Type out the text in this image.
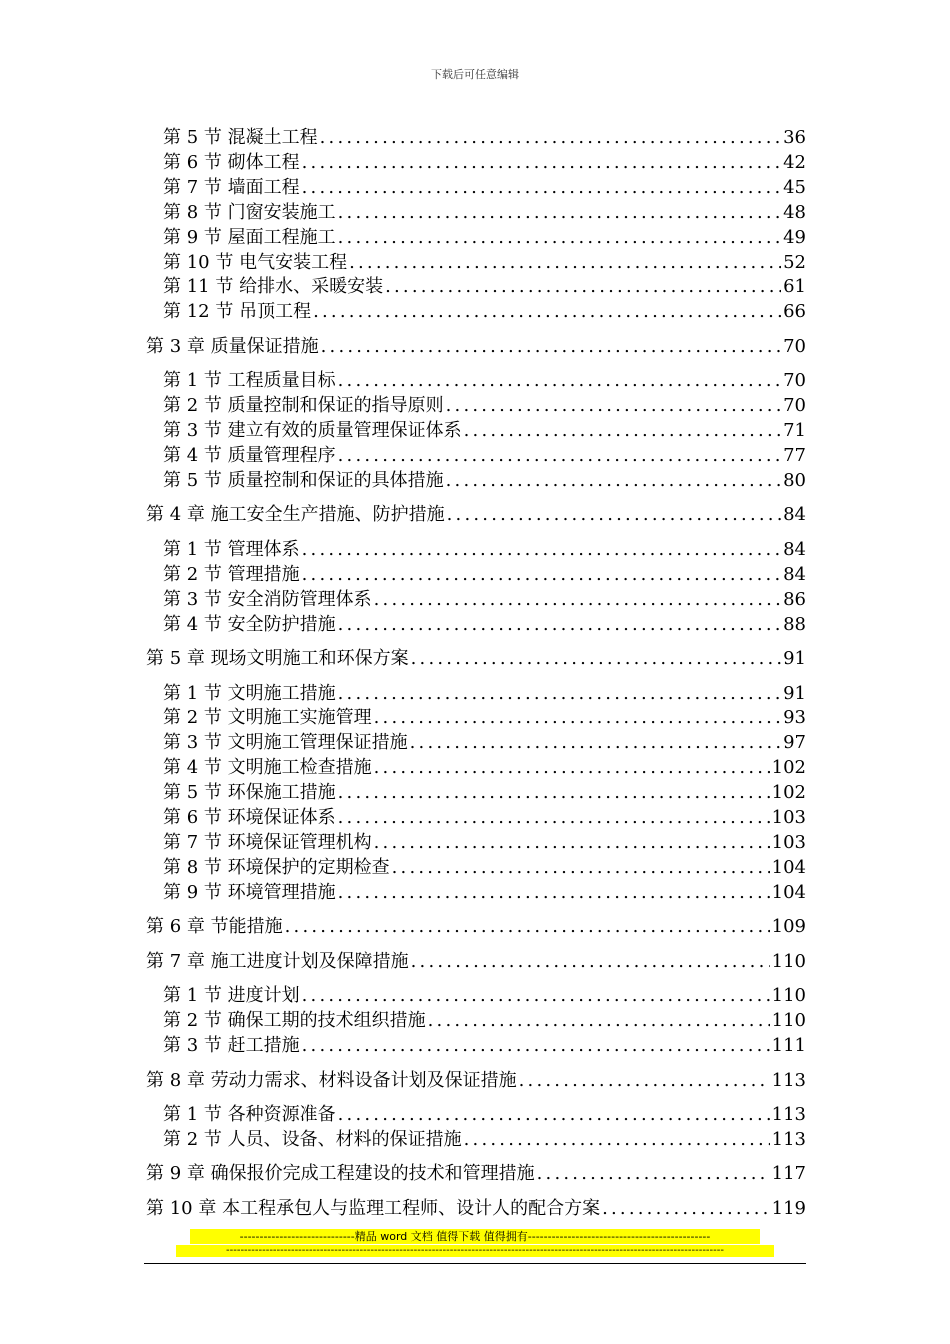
下载后可任意编辑
第 5 节 混凝土工程 .....	36
第 6 节 砌体工程 .....	42
第 7 节 墙面工程 .....	45
第 8 节 门窗安装施工 .....	48
第 9 节 屋面工程施工 .....	49
第 10 节 电气安装工程 .....	52
第 11 节 给排水、采暖安装 .....	61
第 12 节 吊顶工程 .....	66
第 3 章 质量保证措施 .....	70
第 1 节 工程质量目标 .....	70
第 2 节 质量控制和保证的指导原则 .....	70
第 3 节 建立有效的质量管理保证体系 .....	71
第 4 节 质量管理程序 .....	77
第 5 节 质量控制和保证的具体措施 .....	80
第 4 章 施工安全生产措施、防护措施 .....	84
第 1 节 管理体系 .....	84
第 2 节 管理措施 .....	84
第 3 节 安全消防管理体系 .....	86
第 4 节 安全防护措施 .....	88
第 5 章 现场文明施工和环保方案 .....	91
第 1 节 文明施工措施 .....	91
第 2 节 文明施工实施管理 .....	93
第 3 节 文明施工管理保证措施 .....	97
第 4 节 文明施工检查措施 .....	102
第 5 节 环保施工措施 .....	102
第 6 节 环境保证体系 .....	103
第 7 节 环境保证管理机构 .....	103
第 8 节 环境保护的定期检查 .....	104
第 9 节 环境管理措施 .....	104
第 6 章 节能措施 .....	109
第 7 章 施工进度计划及保障措施 .....	110
第 1 节 进度计划 .....	110
第 2 节 确保工期的技术组织措施 .....	110
第 3 节 赶工措施 .....	111
第 8 章 劳动力需求、材料设备计划及保证措施 .....	113
第 1 节 各种资源准备 .....	113
第 2 节 人员、设备、材料的保证措施 .....	113
第 9 章 确保报价完成工程建设的技术和管理措施 .....	117
第 10 章 本工程承包人与监理工程师、设计人的配合方案 .....	119
-----------------------------精品 word 文档 值得下载 值得拥有----------------------------------------------
------------------------------------------------------------------------------------------------------------------------------------------
